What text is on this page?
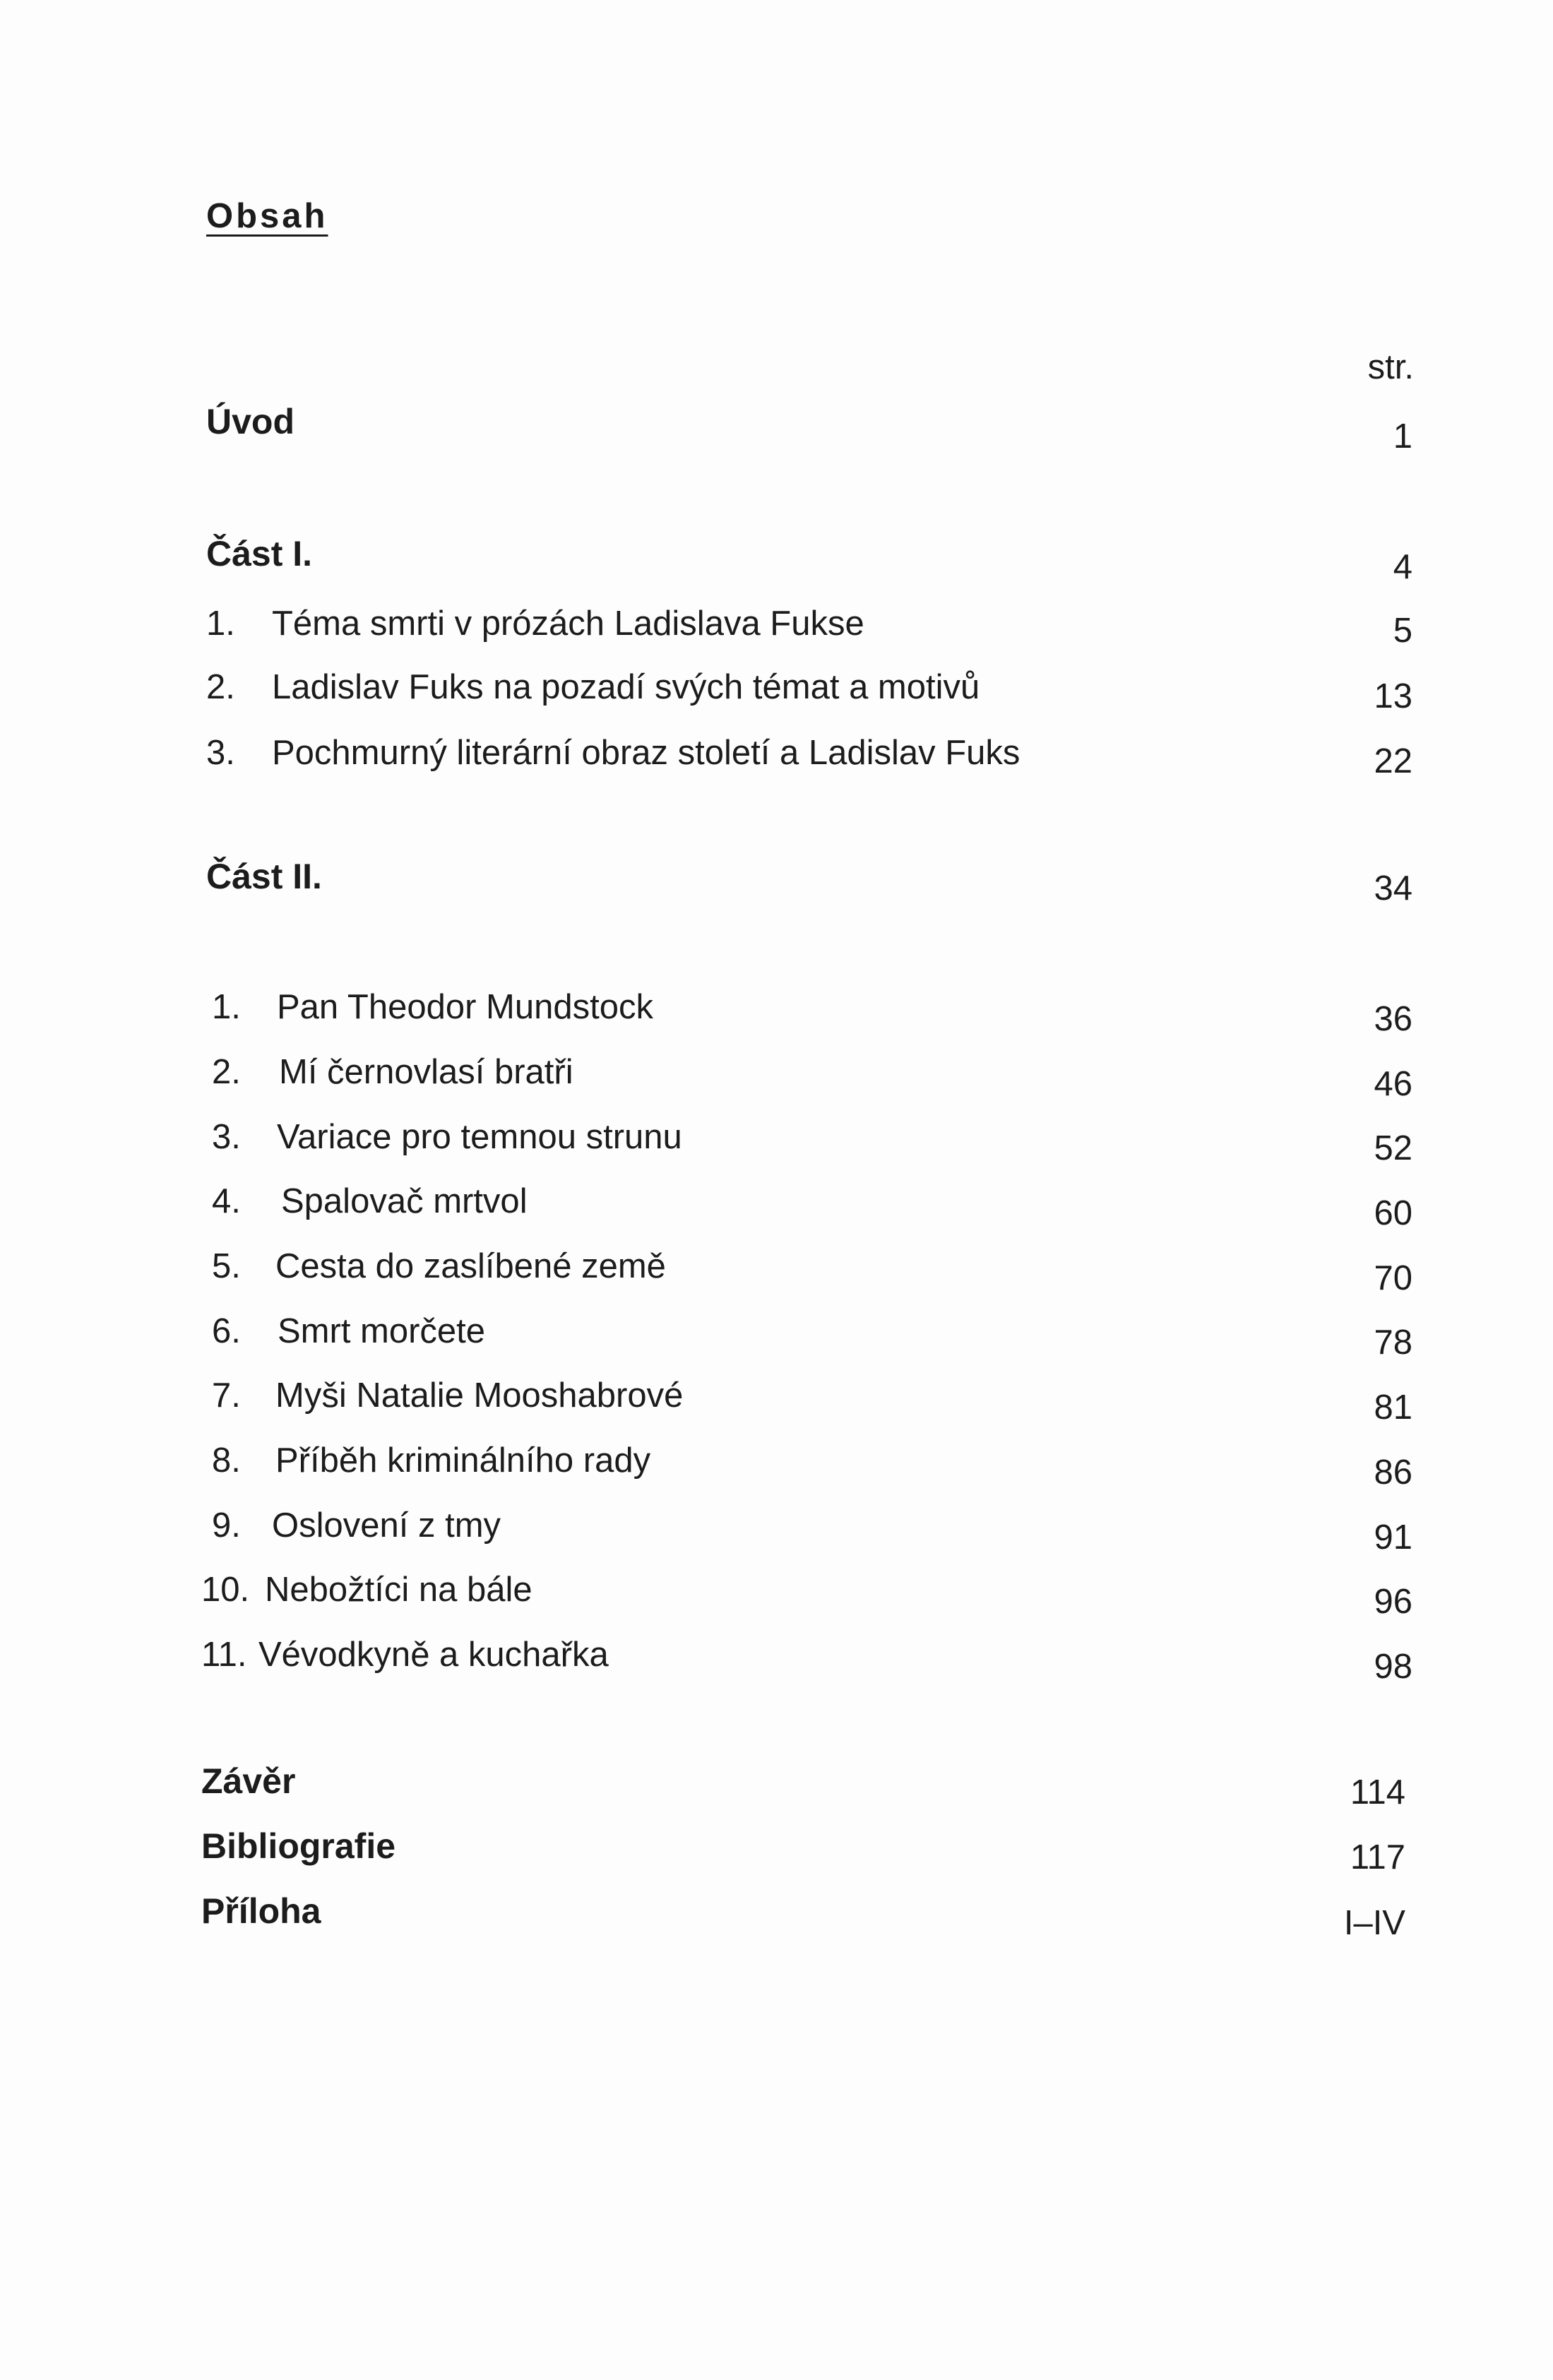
Obsah
str.
Úvod	1
Část I.	4
1. Téma smrti v prózách Ladislava Fukse	5
2. Ladislav Fuks na pozadí svých témat a motivů	13
3. Pochmurný literární obraz století a Ladislav Fuks	22
Část II.	34
1. Pan Theodor Mundstock	36
2. Mí černovlasí bratři	46
3. Variace pro temnou strunu	52
4. Spalovač mrtvol	60
5. Cesta do zaslíbené země	70
6. Smrt morčete	78
7. Myši Natalie Mooshabrové	81
8. Příběh kriminálního rady	86
9. Oslovení z tmy	91
10. Nebožtíci na bále	96
11. Vévodkyně a kuchařka	98
Závěr	114
Bibliografie	117
Příloha	I–IV
